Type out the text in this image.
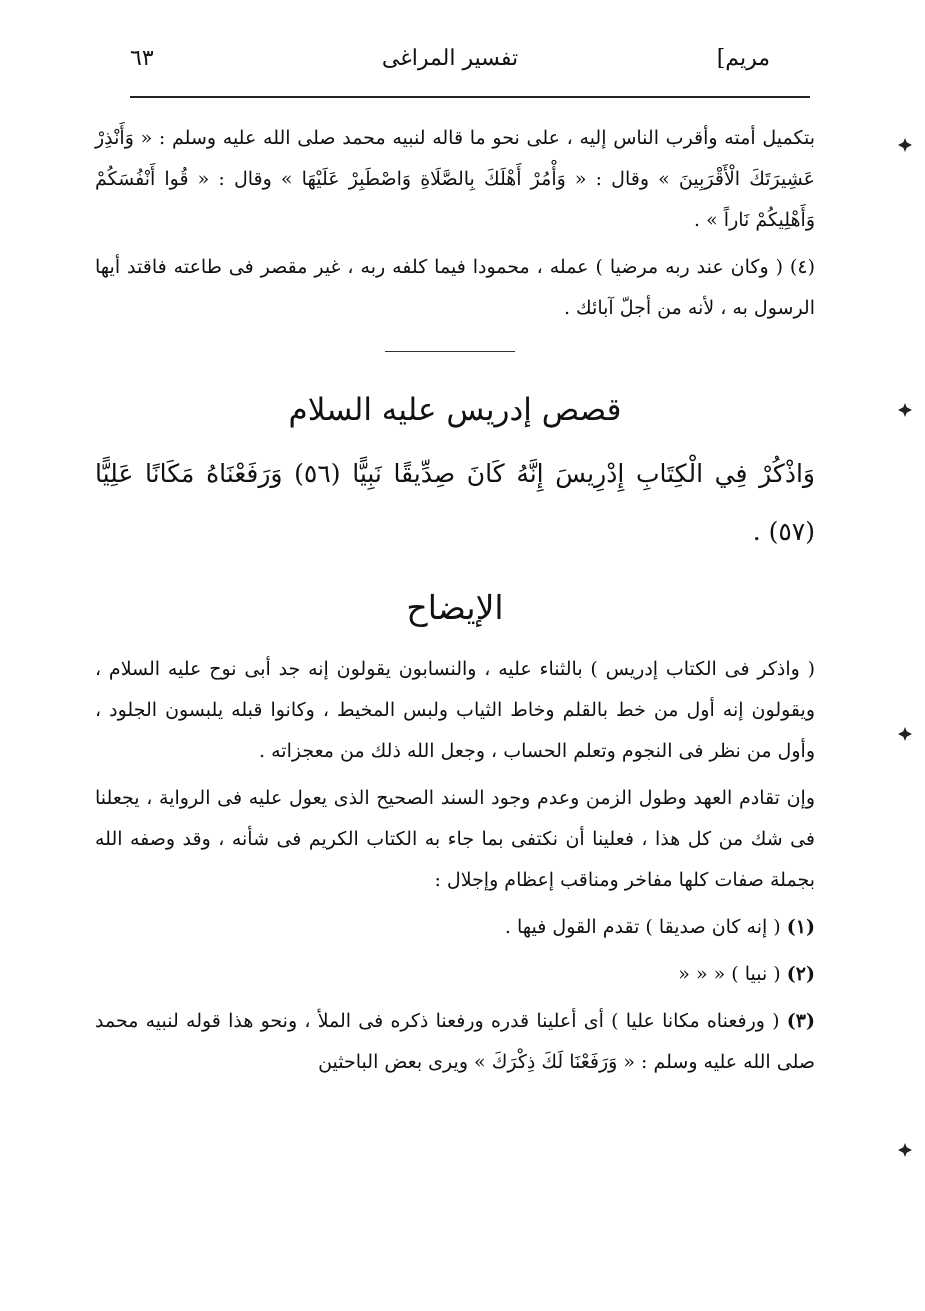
مريم]
تفسير المراغى
٦٣

بتكميل أمته وأقرب الناس إليه ، على نحو ما قاله لنبيه محمد صلى الله عليه وسلم : « وَأَنْذِرْ عَشِيرَتَكَ الْأَقْرَبِينَ » وقال : « وَأْمُرْ أَهْلَكَ بِالصَّلَاةِ وَاصْطَبِرْ عَلَيْهَا » وقال : « قُوا أَنْفُسَكُمْ وَأَهْلِيكُمْ نَاراً » .

(٤) ( وكان عند ربه مرضيا ) عمله ، محمودا فيما كلفه ربه ، غير مقصر فى طاعته فاقتد أيها الرسول به ، لأنه من أجلّ آبائك .

قصص إدريس عليه السلام

وَاذْكُرْ فِي الْكِتَابِ إِدْرِيسَ إِنَّهُ كَانَ صِدِّيقًا نَبِيًّا (٥٦) وَرَفَعْنَاهُ مَكَانًا عَلِيًّا (٥٧) .

الإيضاح

( واذكر فى الكتاب إدريس ) بالثناء عليه ، والنسابون يقولون إنه جد أبى نوح عليه السلام ، ويقولون إنه أول من خط بالقلم وخاط الثياب ولبس المخيط ، وكانوا قبله يلبسون الجلود ، وأول من نظر فى النجوم وتعلم الحساب ، وجعل الله ذلك من معجزاته .

وإن تقادم العهد وطول الزمن وعدم وجود السند الصحيح الذى يعول عليه فى الرواية ، يجعلنا فى شك من كل هذا ، فعلينا أن نكتفى بما جاء به الكتاب الكريم فى شأنه ، وقد وصفه الله بجملة صفات كلها مفاخر ومناقب إعظام وإجلال :

(١) ( إنه كان صديقا ) تقدم القول فيها .

(٢) ( نبيا ) « « «

(٣) ( ورفعناه مكانا عليا ) أى أعلينا قدره ورفعنا ذكره فى الملأ ، ونحو هذا قوله لنبيه محمد صلى الله عليه وسلم : « وَرَفَعْنَا لَكَ ذِكْرَكَ » ويرى بعض الباحثين
